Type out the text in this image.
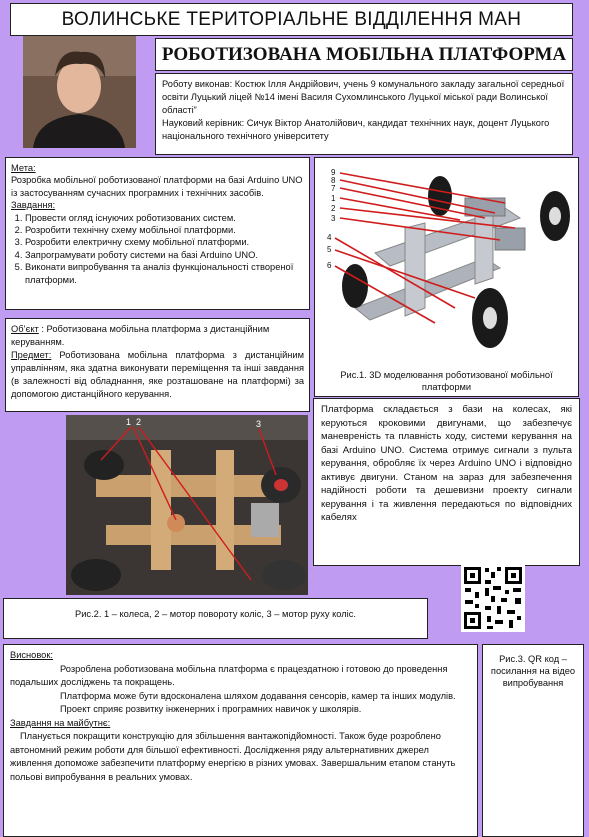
ВОЛИНСЬКЕ ТЕРИТОРІАЛЬНЕ ВІДДІЛЕННЯ МАН
РОБОТИЗОВАНА МОБІЛЬНА ПЛАТФОРМА

Роботу виконав: Костюк Ілля Андрійович, учень 9 комунального закладу загальної середньої освіти Луцький ліцей №14 імені Василя Сухомлинського Луцької міської ради Волинської області”

Науковий керівник: Сичук Віктор Анатолійович, кандидат технічних наук, доцент Луцького національного технічного університету

Мета:

Розробка мобільної роботизованої платформи на базі Arduino UNO із застосуванням сучасних програмних і технічних засобів.

Завдання:

1. Провести огляд існуючих роботизованих систем.
2. Розробити технічну схему мобільної платформи.
3. Розробити електричну схему мобільної платформи.
4. Запрограмувати роботу системи на базі Arduino UNO.
5. Виконати випробування та аналіз функціональності створеної платформи.
9
8
7
1
2
3
4
5
6
Рис.1. 3D моделювання роботизованої мобільної платформи

Об’єкт : Роботизована мобільна платформа з дистанційним керуванням.

Предмет: Роботизована мобільна платформа з дистанційним управлінням, яка здатна виконувати переміщення та інші завдання (в залежності від обладнання, яке розташоване на платформі) за допомогою дистанційного керування.

Платформа складається з бази на колесах, які керуються кроковими двигунами, що забезпечує маневреність та плавність ходу, системи керування на базі Arduino UNO. Система отримує сигнали з пульта керування, обробляє їх через Arduino UNO і відповідно активує двигуни. Станом на зараз для забезпечення надійності роботи та дешевизни проекту сигнали керування і та живлення передаються по відповідних кабелях
1 2	3
Рис.2. 1 – колеса, 2 – мотор повороту коліс, 3 – мотор руху коліс.

Висновок:

Розроблена роботизована мобільна платформа є працездатною і готовою до проведення подальших досліджень та покращень.

Платформа може бути вдосконалена шляхом додавання сенсорів, камер та інших модулів.

Проект сприяє розвитку інженерних і програмних навичок у школярів.

Завдання на майбутнє:

Планується покращити конструкцію для збільшення вантажопідйомності. Також буде розроблено автономний режим роботи для більшої ефективності. Дослідження ряду альтернативних джерел живлення допоможе забезпечити платформу енергією в різних умовах. Завершальним етапом стануть польові випробування в реальних умовах.

Рис.3. QR код – посилання на відео випробування
